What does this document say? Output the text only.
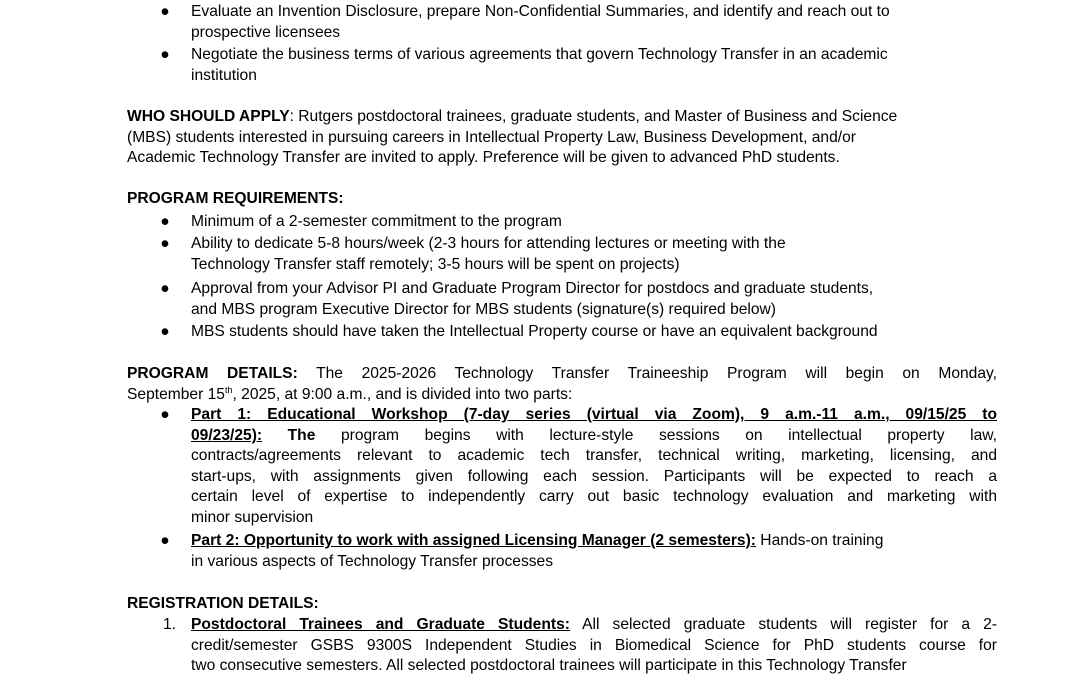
● Evaluate an Invention Disclosure, prepare Non-Confidential Summaries, and identify and reach out to
prospective licensees
● Negotiate the business terms of various agreements that govern Technology Transfer in an academic
institution
WHO SHOULD APPLY: Rutgers postdoctoral trainees, graduate students, and Master of Business and Science
(MBS) students interested in pursuing careers in Intellectual Property Law, Business Development, and/or
Academic Technology Transfer are invited to apply. Preference will be given to advanced PhD students.
PROGRAM REQUIREMENTS:
● Minimum of a 2-semester commitment to the program
● Ability to dedicate 5-8 hours/week (2-3 hours for attending lectures or meeting with the
Technology Transfer staff remotely; 3-5 hours will be spent on projects)
● Approval from your Advisor PI and Graduate Program Director for postdocs and graduate students,
and MBS program Executive Director for MBS students (signature(s) required below)
● MBS students should have taken the Intellectual Property course or have an equivalent background
PROGRAM DETAILS: The 2025-2026 Technology Transfer Traineeship Program will begin on Monday,
September 15th, 2025, at 9:00 a.m., and is divided into two parts:
● Part 1: Educational Workshop (7-day series (virtual via Zoom), 9 a.m.-11 a.m., 09/15/25 to
09/23/25): The program begins with lecture-style sessions on intellectual property law,
contracts/agreements relevant to academic tech transfer, technical writing, marketing, licensing, and
start-ups, with assignments given following each session. Participants will be expected to reach a
certain level of expertise to independently carry out basic technology evaluation and marketing with
minor supervision
● Part 2: Opportunity to work with assigned Licensing Manager (2 semesters): Hands-on training
in various aspects of Technology Transfer processes
REGISTRATION DETAILS:
1. Postdoctoral Trainees and Graduate Students: All selected graduate students will register for a 2-
credit/semester GSBS 9300S Independent Studies in Biomedical Science for PhD students course for
two consecutive semesters. All selected postdoctoral trainees will participate in this Technology Transfer
